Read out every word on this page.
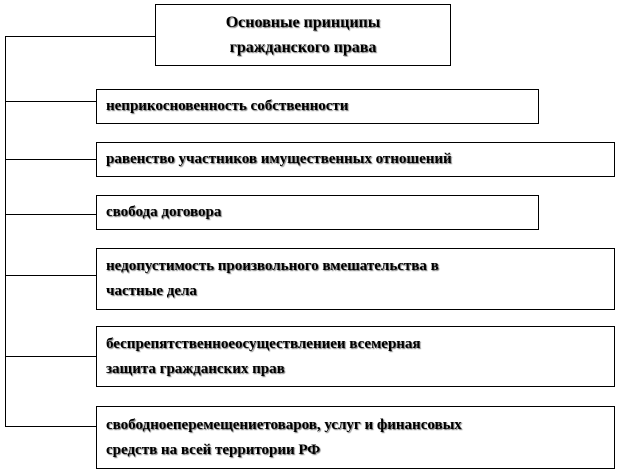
Основные принципы
гражданского права
неприкосновенность собственности
равенство участников имущественных отношений
свобода договора
недопустимость произвольного вмешательства в
частные дела
беспрепятственноеосуществлениеи всемерная
защита гражданских прав
свободноеперемещениетоваров, услуг и финансовых
средств на всей территории РФ
